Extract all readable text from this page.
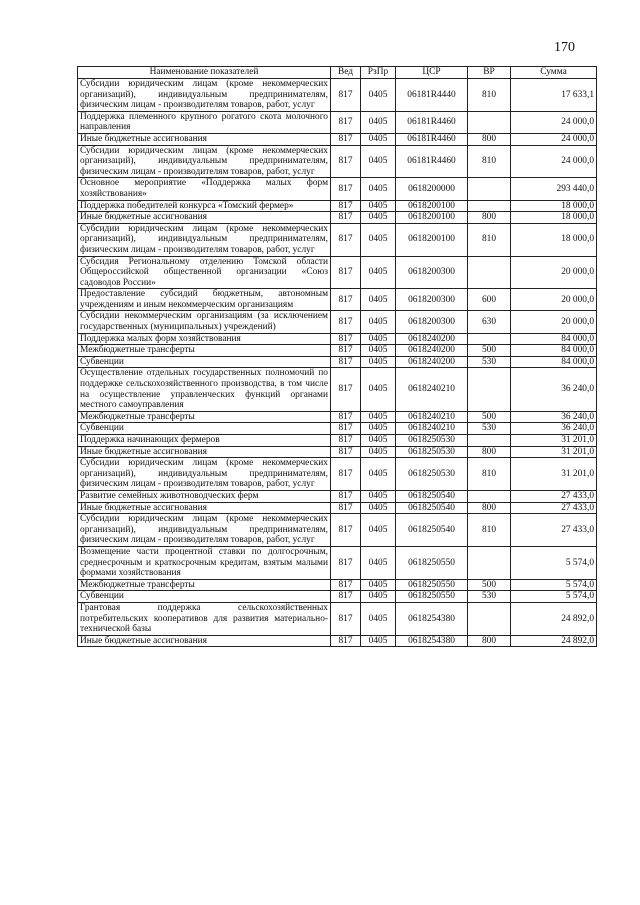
170
Наименование показателей	Вед	РзПр	ЦСР	ВР	Сумма
Субсидии юридическим лицам (кроме некоммерческих организаций), индивидуальным предпринимателям, физическим лицам - производителям товаров, работ, услуг	817	0405	06181R4440	810	17 633,1
Поддержка племенного крупного рогатого скота молочного направления	817	0405	06181R4460		24 000,0
Иные бюджетные ассигнования	817	0405	06181R4460	800	24 000,0
Субсидии юридическим лицам (кроме некоммерческих организаций), индивидуальным предпринимателям, физическим лицам - производителям товаров, работ, услуг	817	0405	06181R4460	810	24 000,0
Основное мероприятие «Поддержка малых форм хозяйствования»	817	0405	0618200000		293 440,0
Поддержка победителей конкурса «Томский фермер»	817	0405	0618200100		18 000,0
Иные бюджетные ассигнования	817	0405	0618200100	800	18 000,0
Субсидии юридическим лицам (кроме некоммерческих организаций), индивидуальным предпринимателям, физическим лицам - производителям товаров, работ, услуг	817	0405	0618200100	810	18 000,0
Субсидия Региональному отделению Томской области Общероссийской общественной организации «Союз садоводов России»	817	0405	0618200300		20 000,0
Предоставление субсидий бюджетным, автономным учреждениям и иным некоммерческим организациям	817	0405	0618200300	600	20 000,0
Субсидии некоммерческим организациям (за исключением государственных (муниципальных) учреждений)	817	0405	0618200300	630	20 000,0
Поддержка малых форм хозяйствования	817	0405	0618240200		84 000,0
Межбюджетные трансферты	817	0405	0618240200	500	84 000,0
Субвенции	817	0405	0618240200	530	84 000,0
Осуществление отдельных государственных полномочий по поддержке сельскохозяйственного производства, в том числе на осуществление управленческих функций органами местного самоуправления	817	0405	0618240210		36 240,0
Межбюджетные трансферты	817	0405	0618240210	500	36 240,0
Субвенции	817	0405	0618240210	530	36 240,0
Поддержка начинающих фермеров	817	0405	0618250530		31 201,0
Иные бюджетные ассигнования	817	0405	0618250530	800	31 201,0
Субсидии юридическим лицам (кроме некоммерческих организаций), индивидуальным предпринимателям, физическим лицам - производителям товаров, работ, услуг	817	0405	0618250530	810	31 201,0
Развитие семейных животноводческих ферм	817	0405	0618250540		27 433,0
Иные бюджетные ассигнования	817	0405	0618250540	800	27 433,0
Субсидии юридическим лицам (кроме некоммерческих организаций), индивидуальным предпринимателям, физическим лицам - производителям товаров, работ, услуг	817	0405	0618250540	810	27 433,0
Возмещение части процентной ставки по долгосрочным, среднесрочным и краткосрочным кредитам, взятым малыми формами хозяйствования	817	0405	0618250550		5 574,0
Межбюджетные трансферты	817	0405	0618250550	500	5 574,0
Субвенции	817	0405	0618250550	530	5 574,0
Грантовая поддержка сельскохозяйственных потребительских кооперативов для развития материально-технической базы	817	0405	0618254380		24 892,0
Иные бюджетные ассигнования	817	0405	0618254380	800	24 892,0
